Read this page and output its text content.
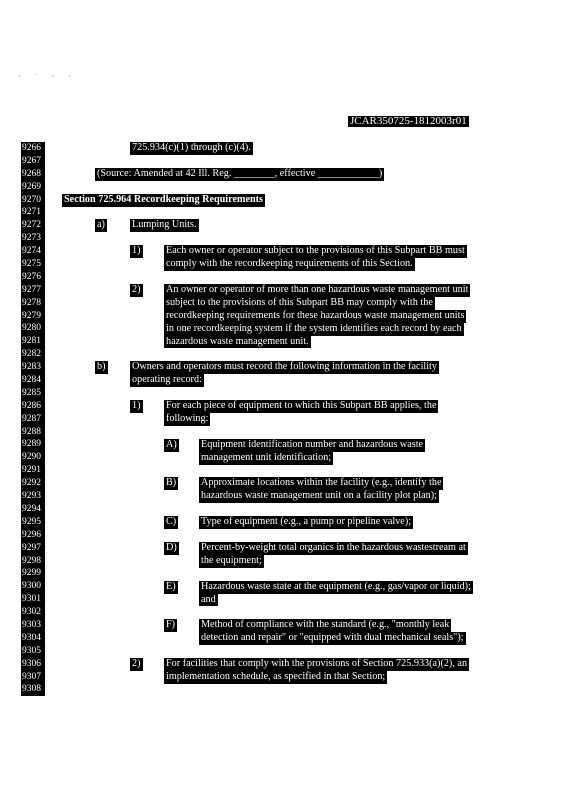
· ˙ · ·
JCAR350725-1812003r01
9266
9267
9268
9269
9270
9271
9272
9273
9274
9275
9276
9277
9278
9279
9280
9281
9282
9283
9284
9285
9286
9287
9288
9289
9290
9291
9292
9293
9294
9295
9296
9297
9298
9299
9300
9301
9302
9303
9304
9305
9306
9307
9308
725.934(c)(1) through (c)(4).
(Source: Amended at 42 Ill. Reg. ________, effective ____________)
Section 725.964 Recordkeeping Requirements
a)	Lumping Units.
1)	Each owner or operator subject to the provisions of this Subpart BB must
comply with the recordkeeping requirements of this Section.
2)	An owner or operator of more than one hazardous waste management unit
subject to the provisions of this Subpart BB may comply with the
recordkeeping requirements for these hazardous waste management units
in one recordkeeping system if the system identifies each record by each
hazardous waste management unit.
b)	Owners and operators must record the following information in the facility
operating record:
1)	For each piece of equipment to which this Subpart BB applies, the
following:
A) Equipment identification number and hazardous waste
management unit identification;
B) Approximate locations within the facility (e.g., identify the
hazardous waste management unit on a facility plot plan);
C) Type of equipment (e.g., a pump or pipeline valve);
D) Percent-by-weight total organics in the hazardous wastestream at
the equipment;
E) Hazardous waste state at the equipment (e.g., gas/vapor or liquid);
and
F)	Method of compliance with the standard (e.g., "monthly leak
detection and repair" or "equipped with dual mechanical seals");
2)	For facilities that comply with the provisions of Section 725.933(a)(2), an
implementation schedule, as specified in that Section;
